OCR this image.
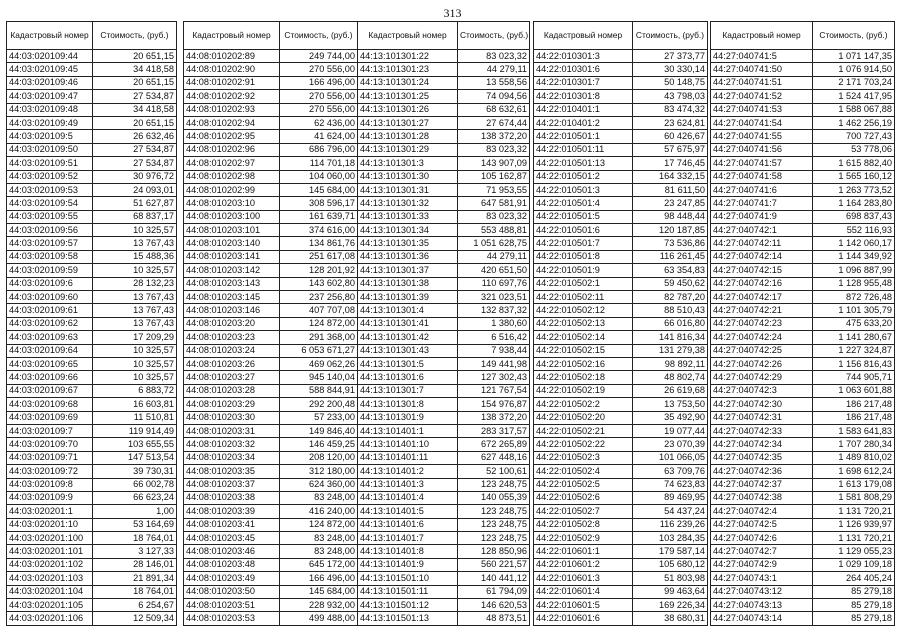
313
Кадастровый номер	Стоимость, (руб.)
44:03:020109:44	20 651,15
44:03:020109:45	34 418,58
44:03:020109:46	20 651,15
44:03:020109:47	27 534,87
44:03:020109:48	34 418,58
44:03:020109:49	20 651,15
44:03:020109:5	26 632,46
44:03:020109:50	27 534,87
44:03:020109:51	27 534,87
44:03:020109:52	30 976,72
44:03:020109:53	24 093,01
44:03:020109:54	51 627,87
44:03:020109:55	68 837,17
44:03:020109:56	10 325,57
44:03:020109:57	13 767,43
44:03:020109:58	15 488,36
44:03:020109:59	10 325,57
44:03:020109:6	28 132,23
44:03:020109:60	13 767,43
44:03:020109:61	13 767,43
44:03:020109:62	13 767,43
44:03:020109:63	17 209,29
44:03:020109:64	10 325,57
44:03:020109:65	10 325,57
44:03:020109:66	10 325,57
44:03:020109:67	6 883,72
44:03:020109:68	16 603,81
44:03:020109:69	11 510,81
44:03:020109:7	119 914,49
44:03:020109:70	103 655,55
44:03:020109:71	147 513,54
44:03:020109:72	39 730,31
44:03:020109:8	66 002,78
44:03:020109:9	66 623,24
44:03:020201:1	1,00
44:03:020201:10	53 164,69
44:03:020201:100	18 764,01
44:03:020201:101	3 127,33
44:03:020201:102	28 146,01
44:03:020201:103	21 891,34
44:03:020201:104	18 764,01
44:03:020201:105	6 254,67
44:03:020201:106	12 509,34
Кадастровый номер	Стоимость, (руб.)
44:08:010202:89	249 744,00
44:08:010202:90	270 556,00
44:08:010202:91	166 496,00
44:08:010202:92	270 556,00
44:08:010202:93	270 556,00
44:08:010202:94	62 436,00
44:08:010202:95	41 624,00
44:08:010202:96	686 796,00
44:08:010202:97	114 701,18
44:08:010202:98	104 060,00
44:08:010202:99	145 684,00
44:08:010203:10	308 596,17
44:08:010203:100	161 639,71
44:08:010203:101	374 616,00
44:08:010203:140	134 861,76
44:08:010203:141	251 617,08
44:08:010203:142	128 201,92
44:08:010203:143	143 602,80
44:08:010203:145	237 256,80
44:08:010203:146	407 707,08
44:08:010203:20	124 872,00
44:08:010203:23	291 368,00
44:08:010203:24	6 053 671,27
44:08:010203:26	469 062,26
44:08:010203:27	945 140,04
44:08:010203:28	588 844,91
44:08:010203:29	292 200,48
44:08:010203:30	57 233,00
44:08:010203:31	149 846,40
44:08:010203:32	146 459,25
44:08:010203:34	208 120,00
44:08:010203:35	312 180,00
44:08:010203:37	624 360,00
44:08:010203:38	83 248,00
44:08:010203:39	416 240,00
44:08:010203:41	124 872,00
44:08:010203:45	83 248,00
44:08:010203:46	83 248,00
44:08:010203:48	645 172,00
44:08:010203:49	166 496,00
44:08:010203:50	145 684,00
44:08:010203:51	228 932,00
44:08:010203:53	499 488,00
Кадастровый номер	Стоимость, (руб.)
44:13:101301:22	83 023,32
44:13:101301:23	44 279,11
44:13:101301:24	13 558,56
44:13:101301:25	74 094,56
44:13:101301:26	68 632,61
44:13:101301:27	27 674,44
44:13:101301:28	138 372,20
44:13:101301:29	83 023,32
44:13:101301:3	143 907,09
44:13:101301:30	105 162,87
44:13:101301:31	71 953,55
44:13:101301:32	647 581,91
44:13:101301:33	83 023,32
44:13:101301:34	553 488,81
44:13:101301:35	1 051 628,75
44:13:101301:36	44 279,11
44:13:101301:37	420 651,50
44:13:101301:38	110 697,76
44:13:101301:39	321 023,51
44:13:101301:4	132 837,32
44:13:101301:41	1 380,60
44:13:101301:42	6 516,42
44:13:101301:43	7 938,44
44:13:101301:5	149 441,98
44:13:101301:6	127 302,43
44:13:101301:7	121 767,54
44:13:101301:8	154 976,87
44:13:101301:9	138 372,20
44:13:101401:1	283 317,57
44:13:101401:10	672 265,89
44:13:101401:11	627 448,16
44:13:101401:2	52 100,61
44:13:101401:3	123 248,75
44:13:101401:4	140 055,39
44:13:101401:5	123 248,75
44:13:101401:6	123 248,75
44:13:101401:7	123 248,75
44:13:101401:8	128 850,96
44:13:101401:9	560 221,57
44:13:101501:10	140 441,12
44:13:101501:11	61 794,09
44:13:101501:12	146 620,53
44:13:101501:13	48 873,51
Кадастровый номер	Стоимость, (руб.)
44:22:010301:3	27 373,77
44:22:010301:6	30 330,14
44:22:010301:7	50 148,75
44:22:010301:8	43 798,03
44:22:010401:1	83 474,32
44:22:010401:2	23 624,81
44:22:010501:1	60 426,67
44:22:010501:11	57 675,97
44:22:010501:13	17 746,45
44:22:010501:2	164 332,15
44:22:010501:3	81 611,50
44:22:010501:4	23 247,85
44:22:010501:5	98 448,44
44:22:010501:6	120 187,85
44:22:010501:7	73 536,86
44:22:010501:8	116 261,45
44:22:010501:9	63 354,83
44:22:010502:1	59 450,62
44:22:010502:11	82 787,20
44:22:010502:12	88 510,43
44:22:010502:13	66 016,80
44:22:010502:14	141 816,34
44:22:010502:15	131 279,38
44:22:010502:16	98 892,11
44:22:010502:18	48 802,74
44:22:010502:19	26 619,68
44:22:010502:2	13 753,50
44:22:010502:20	35 492,90
44:22:010502:21	19 077,44
44:22:010502:22	23 070,39
44:22:010502:3	101 066,05
44:22:010502:4	63 709,76
44:22:010502:5	74 623,83
44:22:010502:6	89 469,95
44:22:010502:7	54 437,24
44:22:010502:8	116 239,26
44:22:010502:9	103 284,35
44:22:010601:1	179 587,14
44:22:010601:2	105 680,12
44:22:010601:3	51 803,98
44:22:010601:4	99 463,64
44:22:010601:5	169 226,34
44:22:010601:6	38 680,31
Кадастровый номер	Стоимость, (руб.)
44:27:040741:5	1 071 147,35
44:27:040741:50	1 076 914,50
44:27:040741:51	2 171 703,24
44:27:040741:52	1 524 417,95
44:27:040741:53	1 588 067,88
44:27:040741:54	1 462 256,19
44:27:040741:55	700 727,43
44:27:040741:56	53 778,06
44:27:040741:57	1 615 882,40
44:27:040741:58	1 565 160,12
44:27:040741:6	1 263 773,52
44:27:040741:7	1 164 283,80
44:27:040741:9	698 837,43
44:27:040742:1	552 116,93
44:27:040742:11	1 142 060,17
44:27:040742:14	1 144 349,92
44:27:040742:15	1 096 887,99
44:27:040742:16	1 128 955,48
44:27:040742:17	872 726,48
44:27:040742:21	1 101 305,79
44:27:040742:23	475 633,20
44:27:040742:24	1 141 280,67
44:27:040742:25	1 227 324,87
44:27:040742:26	1 156 816,43
44:27:040742:29	744 905,71
44:27:040742:3	1 063 601,88
44:27:040742:30	186 217,48
44:27:040742:31	186 217,48
44:27:040742:33	1 583 641,83
44:27:040742:34	1 707 280,34
44:27:040742:35	1 489 810,02
44:27:040742:36	1 698 612,24
44:27:040742:37	1 613 179,08
44:27:040742:38	1 581 808,29
44:27:040742:4	1 131 720,21
44:27:040742:5	1 126 939,97
44:27:040742:6	1 131 720,21
44:27:040742:7	1 129 055,23
44:27:040742:9	1 029 109,18
44:27:040743:1	264 405,24
44:27:040743:12	85 279,18
44:27:040743:13	85 279,18
44:27:040743:14	85 279,18
